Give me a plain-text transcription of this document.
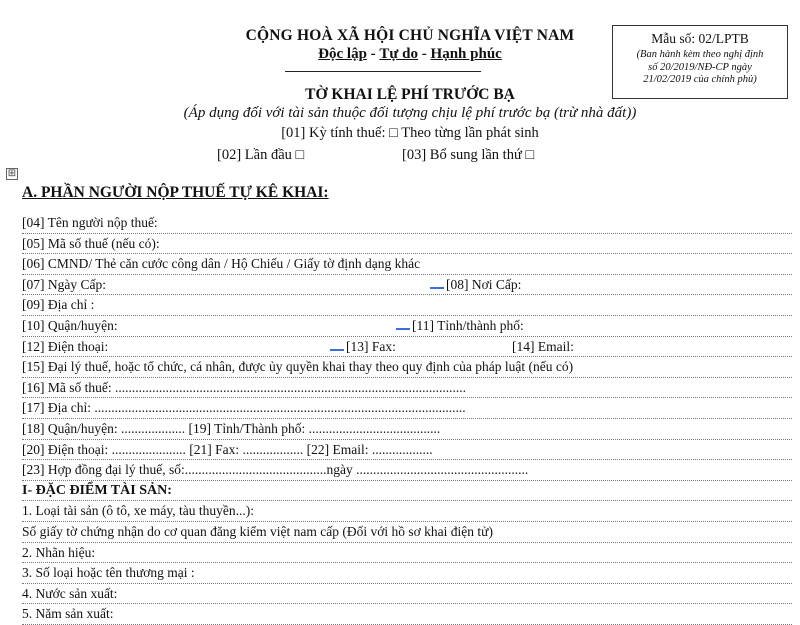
CỘNG HOÀ XÃ HỘI CHỦ NGHĨA VIỆT NAM
Độc lập - Tự do - Hạnh phúc
Mẫu số: 02/LPTB
(Ban hành kèm theo nghị định
số 20/2019/NĐ-CP ngày
21/02/2019 của chính phủ)
TỜ KHAI LỆ PHÍ TRƯỚC BẠ
(Áp dụng đối với tài sản thuộc đối tượng chịu lệ phí trước bạ (trừ nhà đất))
[01] Kỳ tính thuế: □ Theo từng lần phát sinh
[02] Lần đầu □	[03] Bổ sung lần thứ □
⊞
A. PHẦN NGƯỜI NỘP THUẾ TỰ KÊ KHAI:
[04] Tên người nộp thuế:
[05] Mã số thuế (nếu có):
[06] CMND/ Thẻ căn cước công dân / Hộ Chiếu / Giấy tờ định dạng khác
[07] Ngày Cấp:	[08] Nơi Cấp:
[09] Địa chỉ :
[10] Quận/huyện:	[11] Tỉnh/thành phố:
[12] Điện thoại:	[13] Fax:	[14] Email:
[15] Đại lý thuế, hoặc tổ chức, cá nhân, được ủy quyền khai thay theo quy định của pháp luật (nếu có)
[16] Mã số thuế: ........................................................................................................
[17] Địa chỉ: ..............................................................................................................
[18] Quận/huyện: ................... [19] Tỉnh/Thành phố: .......................................
[20] Điện thoại: ...................... [21] Fax: .................. [22] Email: ..................
[23] Hợp đồng đại lý thuế, số:..........................................ngày ...................................................
I- ĐẶC ĐIỂM TÀI SẢN:
1. Loại tài sản (ô tô, xe máy, tàu thuyền...):
Số giấy tờ chứng nhận do cơ quan đăng kiểm việt nam cấp (Đối với hồ sơ khai điện tử)
2. Nhãn hiệu:
3. Số loại hoặc tên thương mại :
4. Nước sản xuất:
5. Năm sản xuất:
